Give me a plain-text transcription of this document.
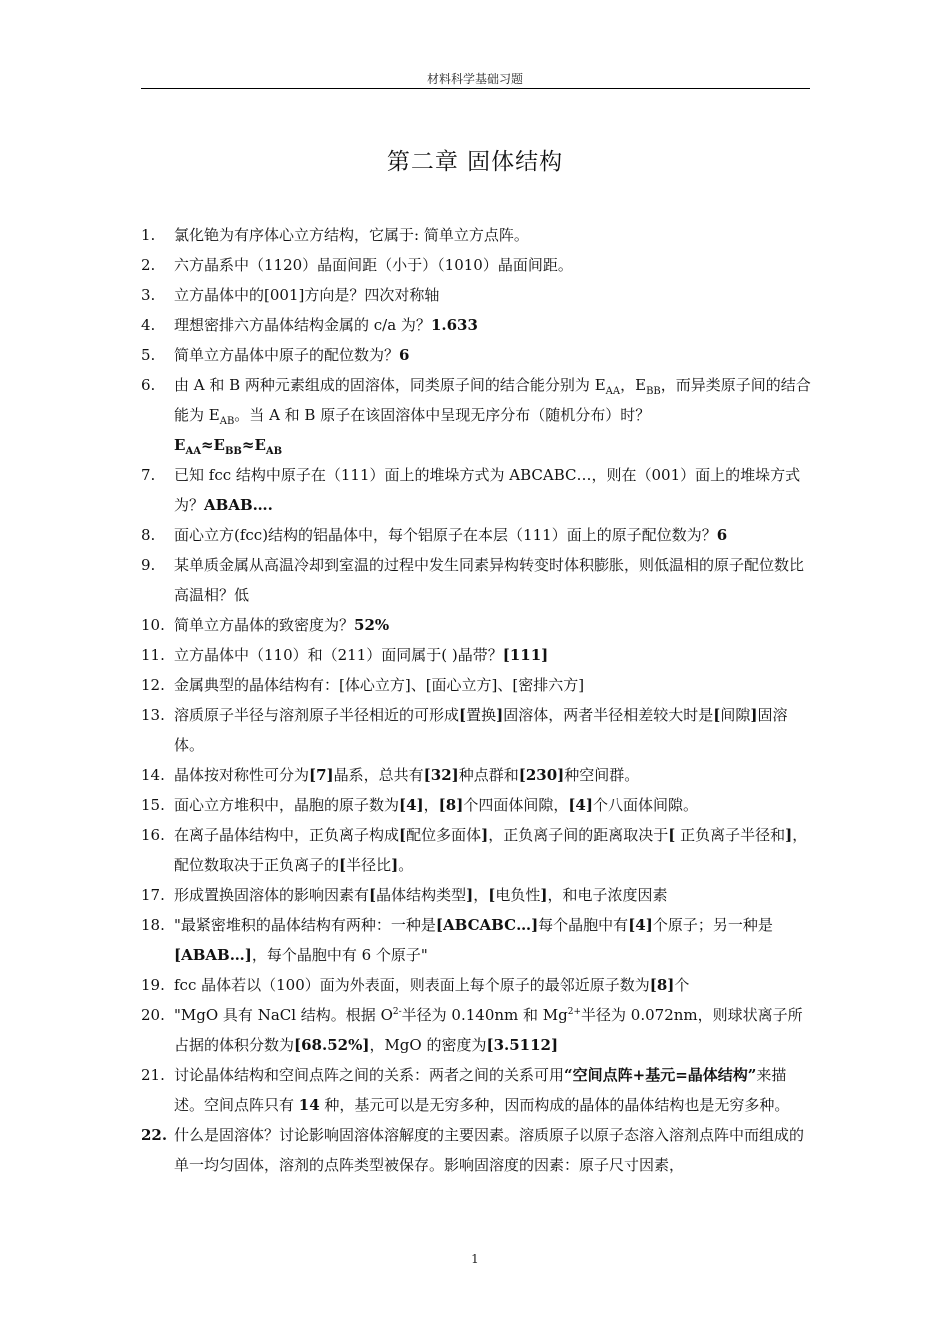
材料科学基础习题
第二章 固体结构
1. 氯化铯为有序体心立方结构，它属于: 简单立方点阵。
2. 六方晶系中（1120）晶面间距（小于）（1010）晶面间距。
3. 立方晶体中的[001]方向是？四次对称轴
4. 理想密排六方晶体结构金属的 c/a 为？1.633
5. 简单立方晶体中原子的配位数为？6
6. 由 A 和 B 两种元素组成的固溶体，同类原子间的结合能分别为 $E_{AA}$，$E_{BB}$，而异类原子间的结合能为 $E_{AB}$。当 A 和 B 原子在该固溶体中呈现无序分布（随机分布）时？
$E_{AA}\approx E_{BB}\approx E_{AB}$
7. 已知 fcc 结构中原子在（111）面上的堆垛方式为 ABCABC…，则在（001）面上的堆垛方式为？ABAB….
8. 面心立方(fcc)结构的铝晶体中，每个铝原子在本层（111）面上的原子配位数为？6
9. 某单质金属从高温冷却到室温的过程中发生同素异构转变时体积膨胀，则低温相的原子配位数比高温相？低
10. 简单立方晶体的致密度为？52%
11. 立方晶体中（110）和（211）面同属于( )晶带？[111]
12. 金属典型的晶体结构有：[体心立方]、[面心立方]、[密排六方]
13. 溶质原子半径与溶剂原子半径相近的可形成[置换]固溶体，两者半径相差较大时是[间隙]固溶体。
14. 晶体按对称性可分为[7]晶系，总共有[32]种点群和[230]种空间群。
15. 面心立方堆积中，晶胞的原子数为[4]，[8]个四面体间隙，[4]个八面体间隙。
16. 在离子晶体结构中，正负离子构成[配位多面体]，正负离子间的距离取决于[ 正负离子半径和]，配位数取决于正负离子的[半径比]。
17. 形成置换固溶体的影响因素有[晶体结构类型]，[电负性]，和电子浓度因素
18. "最紧密堆积的晶体结构有两种：一种是[ABCABC…]每个晶胞中有[4]个原子；另一种是[ABAB…]，每个晶胞中有 6 个原子"
19. fcc 晶体若以（100）面为外表面，则表面上每个原子的最邻近原子数为[8]个
20. "MgO 具有 NaCl 结构。根据 $O^{2-}$半径为 0.140nm 和 $Mg^{2+}$半径为 0.072nm，则球状离子所占据的体积分数为[68.52%]，MgO 的密度为[3.5112]
21. 讨论晶体结构和空间点阵之间的关系：两者之间的关系可用“空间点阵+基元=晶体结构”来描述。空间点阵只有 14 种，基元可以是无穷多种，因而构成的晶体的晶体结构也是无穷多种。
22. 什么是固溶体？讨论影响固溶体溶解度的主要因素。溶质原子以原子态溶入溶剂点阵中而组成的单一均匀固体，溶剂的点阵类型被保存。影响固溶度的因素：原子尺寸因素，
1
